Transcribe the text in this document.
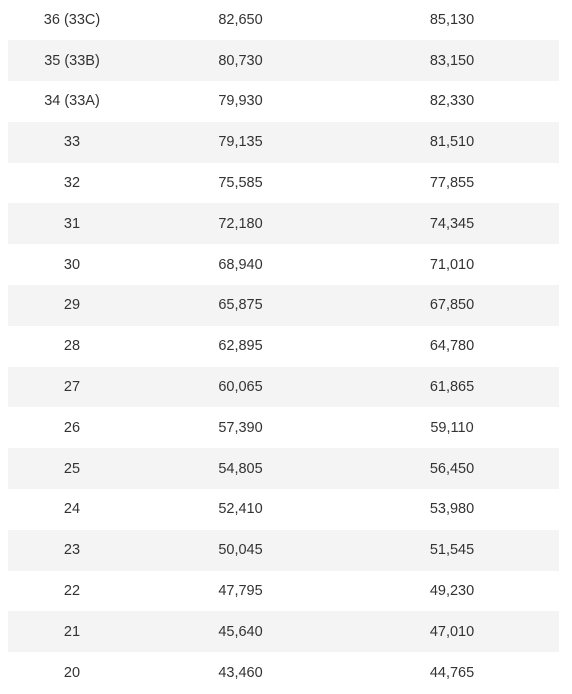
36 (33C)	82,650	85,130
35 (33B)	80,730	83,150
34 (33A)	79,930	82,330
33	79,135	81,510
32	75,585	77,855
31	72,180	74,345
30	68,940	71,010
29	65,875	67,850
28	62,895	64,780
27	60,065	61,865
26	57,390	59,110
25	54,805	56,450
24	52,410	53,980
23	50,045	51,545
22	47,795	49,230
21	45,640	47,010
20	43,460	44,765
